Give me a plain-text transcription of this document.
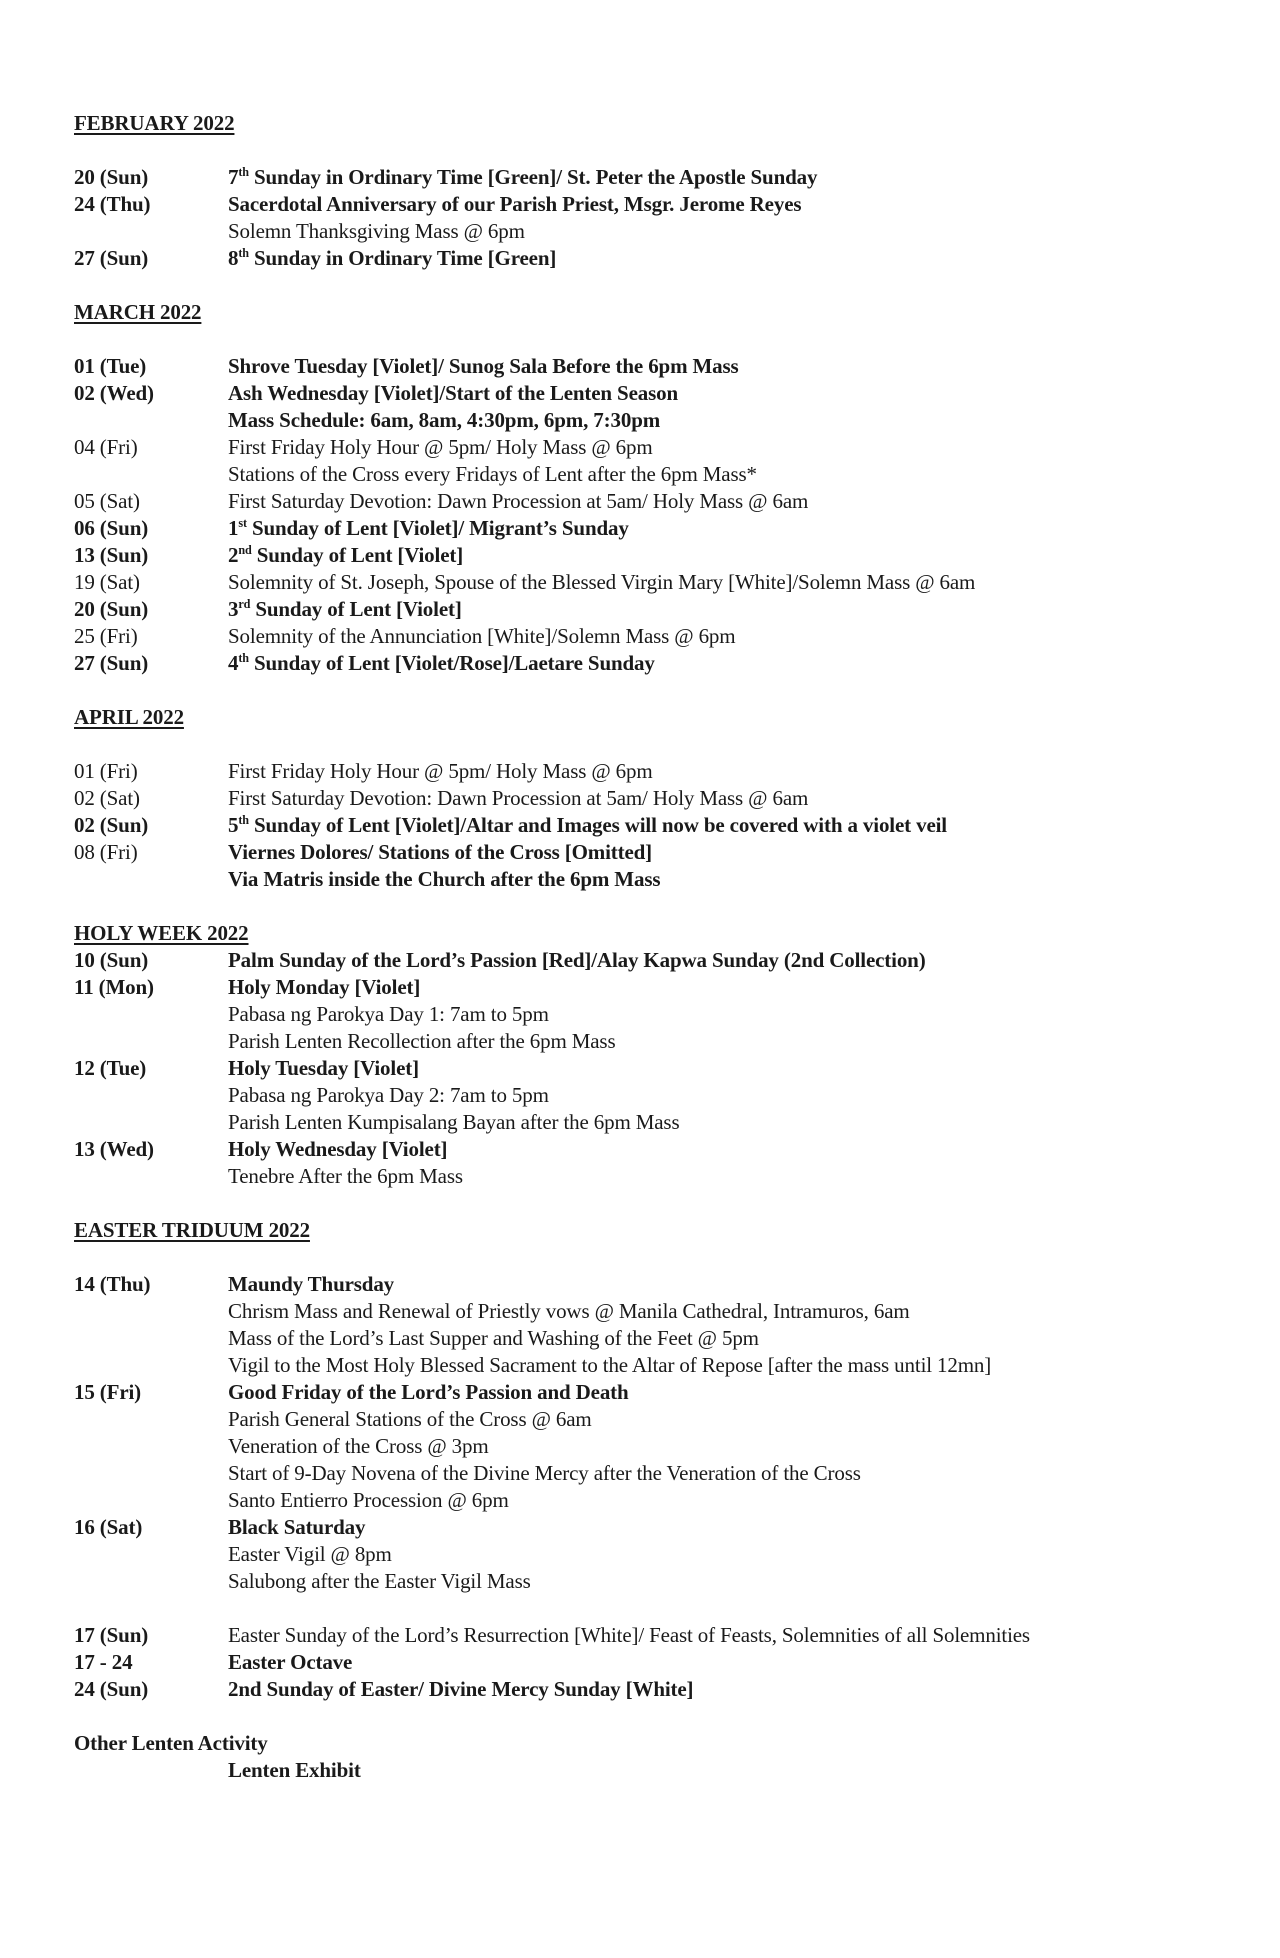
FEBRUARY 2022
20 (Sun)	7th Sunday in Ordinary Time [Green]/ St. Peter the Apostle Sunday
24 (Thu)	Sacerdotal Anniversary of our Parish Priest, Msgr. Jerome Reyes
Solemn Thanksgiving Mass @ 6pm
27 (Sun)	8th Sunday in Ordinary Time [Green]
MARCH 2022
01 (Tue)	Shrove Tuesday [Violet]/ Sunog Sala Before the 6pm Mass
02 (Wed)	Ash Wednesday [Violet]/Start of the Lenten Season
Mass Schedule: 6am, 8am, 4:30pm, 6pm, 7:30pm
04 (Fri)	First Friday Holy Hour @ 5pm/ Holy Mass @ 6pm
Stations of the Cross every Fridays of Lent after the 6pm Mass*
05 (Sat)	First Saturday Devotion: Dawn Procession at 5am/ Holy Mass @ 6am
06 (Sun)	1st Sunday of Lent [Violet]/ Migrant’s Sunday
13 (Sun)	2nd Sunday of Lent [Violet]
19 (Sat)	Solemnity of St. Joseph, Spouse of the Blessed Virgin Mary [White]/Solemn Mass @ 6am
20 (Sun)	3rd Sunday of Lent [Violet]
25 (Fri)	Solemnity of the Annunciation [White]/Solemn Mass @ 6pm
27 (Sun)	4th Sunday of Lent [Violet/Rose]/Laetare Sunday
APRIL 2022
01 (Fri)	First Friday Holy Hour @ 5pm/ Holy Mass @ 6pm
02 (Sat)	First Saturday Devotion: Dawn Procession at 5am/ Holy Mass @ 6am
02 (Sun)	5th Sunday of Lent [Violet]/Altar and Images will now be covered with a violet veil
08 (Fri)	Viernes Dolores/ Stations of the Cross [Omitted]
Via Matris inside the Church after the 6pm Mass
HOLY WEEK 2022
10 (Sun)	Palm Sunday of the Lord’s Passion [Red]/Alay Kapwa Sunday (2nd Collection)
11 (Mon)	Holy Monday [Violet]
Pabasa ng Parokya Day 1: 7am to 5pm
Parish Lenten Recollection after the 6pm Mass
12 (Tue)	Holy Tuesday [Violet]
Pabasa ng Parokya Day 2: 7am to 5pm
Parish Lenten Kumpisalang Bayan after the 6pm Mass
13 (Wed)	Holy Wednesday [Violet]
Tenebre After the 6pm Mass
EASTER TRIDUUM 2022
14 (Thu)	Maundy Thursday
Chrism Mass and Renewal of Priestly vows @ Manila Cathedral, Intramuros, 6am
Mass of the Lord’s Last Supper and Washing of the Feet @ 5pm
Vigil to the Most Holy Blessed Sacrament to the Altar of Repose [after the mass until 12mn]
15 (Fri)	Good Friday of the Lord’s Passion and Death
Parish General Stations of the Cross @ 6am
Veneration of the Cross @ 3pm
Start of 9-Day Novena of the Divine Mercy after the Veneration of the Cross
Santo Entierro Procession @ 6pm
16 (Sat)	Black Saturday
Easter Vigil @ 8pm
Salubong after the Easter Vigil Mass
17 (Sun)	Easter Sunday of the Lord’s Resurrection [White]/ Feast of Feasts, Solemnities of all Solemnities
17 - 24	Easter Octave
24 (Sun)	2nd Sunday of Easter/ Divine Mercy Sunday [White]
Other Lenten Activity
Lenten Exhibit
